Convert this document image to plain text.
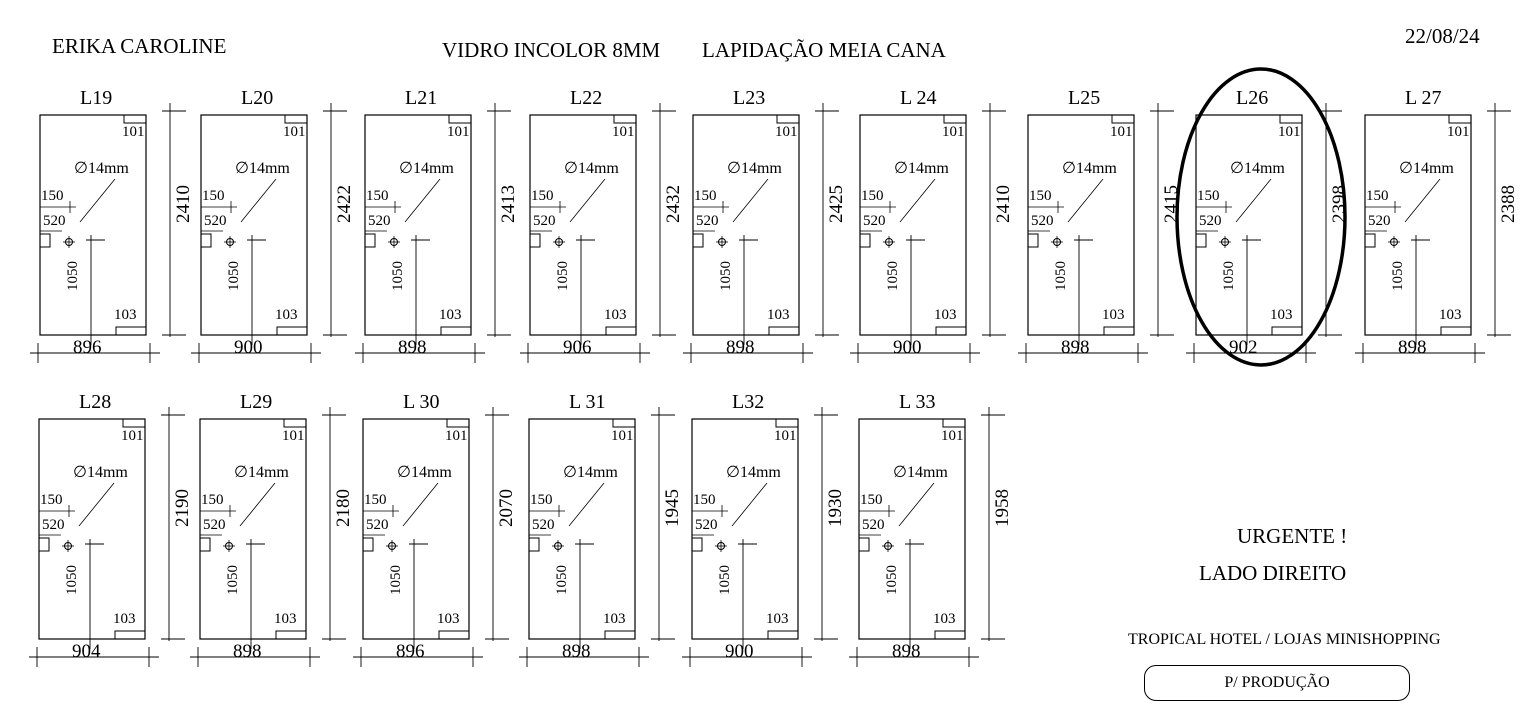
ERIKA CAROLINE	VIDRO INCOLOR 8MM LAPIDAÇÃO MEIA CANA
22/08/24
L19
101
103
∅14mm
150
520
1050
2410
896
L20
101
103
∅14mm
150
520
1050
2422
900
L21
101
103
∅14mm
150
520
1050
2413
898
L22
101
103
∅14mm
150
520
1050
2432
906
L23
101
103
∅14mm
150
520
1050
2425
898
L 24
101
103
∅14mm
150
520
1050
2410
900
L25
101
103
∅14mm
150
520
1050
2415
898
L26
101
103
∅14mm
150
520
1050
2398
902
L 27
101
103
∅14mm
150
520
1050
2388
898
L28
101
103
∅14mm
150
520
1050
2190
904
L29
101
103
∅14mm
150
520
1050
2180
898
L 30
101
103
∅14mm
150
520
1050
2070
896
L 31
101
103
∅14mm
150
520
1050
1945
898
L32
101
103
∅14mm
150
520
1050
1930
900
L 33
101
103
∅14mm
150
520
1050
1958
898
URGENTE !
LADO DIREITO
TROPICAL HOTEL / LOJAS MINISHOPPING
P/ PRODUÇÃO
